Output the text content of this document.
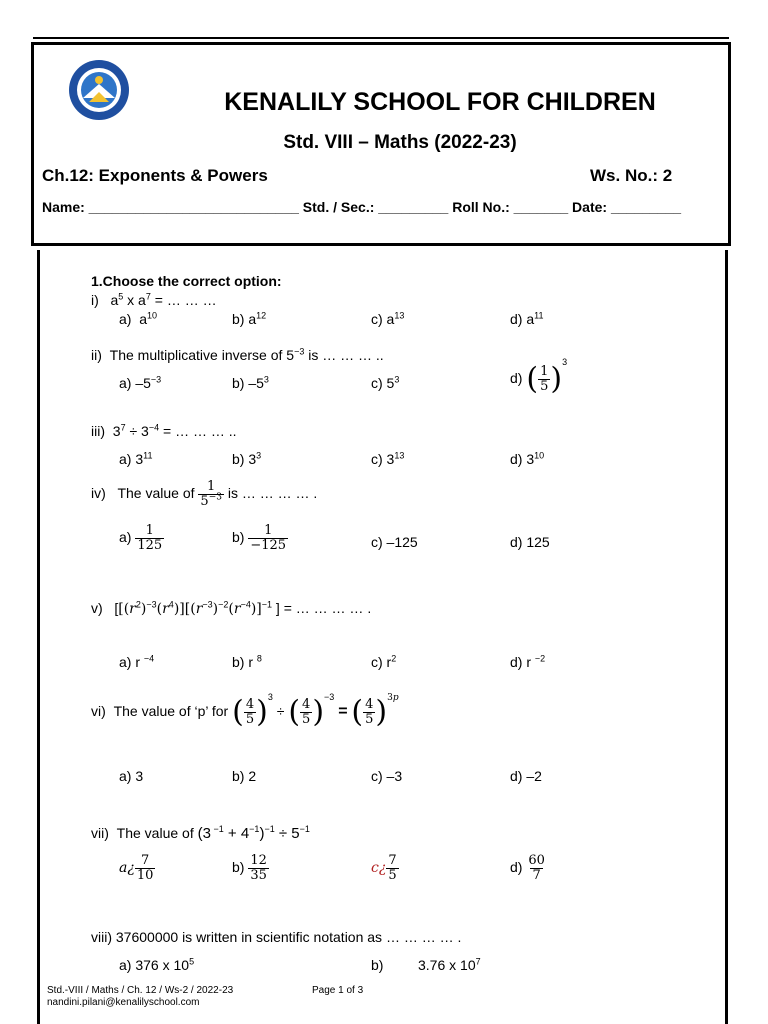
KENALILY SCHOOL FOR CHILDREN
Std. VIII – Maths (2022-23)
Ch.12: Exponents & Powers	Ws. No.: 2
Name: ___________________________ Std. / Sec.: _________ Roll No.: _______ Date: _________
1.Choose the correct option:
i)   $a^5$ x $a^7$ = … … …
a)  $a^{10}$	b) $a^{12}$	c) $a^{13}$	d) $a^{11}$
ii) The multiplicative inverse of $5^{-3}$ is … … … ..
a) $-5^{-3}$	b) $-5^3$	c) $5^3$	d) ( $\frac{1}{5} )^3$
iii)  $3^7 \div 3^{-4}$ = … … … ..
a) $3^{11}$	b) $3^3$	c) $3^{13}$	d) $3^{10}$
iv) The value of $\frac{1}{5^{-3}}$ is … … … … .
$a) \frac{1}{125}$	$b) \frac{1}{-125}$	c) –125	d) 125
v)   [$[(r^2)^{-3}(r^4)][(r^{-3})^{-2}(r^{-4})]^{-1}$ ] = … … … … .
a) r $^{-4}$	b) r $^8$	c) $r^2$	d) r $^{-2}$
vi) The value of ‘p’ for ( $\frac{4}{5} )^3$ ÷ ( $\frac{4}{5} )^{-3}$ = ( $\frac{4}{5} )^{3p}$
a) 3	b) 2	c) –3	d) –2
vii) The value of (3 $^{-1} + 4^{-1})^{-1} \div 5^{-1}$
a¿ $\frac{7}{10}$	$b) \frac{12}{35}$	c¿ $\frac{7}{5}$	$d) \frac{60}{7}$
viii) 37600000 is written in scientific notation as … … … … .
a) 376 x $10^5$	b) 3.76 x $10^7$
Std.-VIII / Maths / Ch. 12 / Ws-2 / 2022-23
nandini.pilani@kenalilyschool.com
Page 1 of 3
